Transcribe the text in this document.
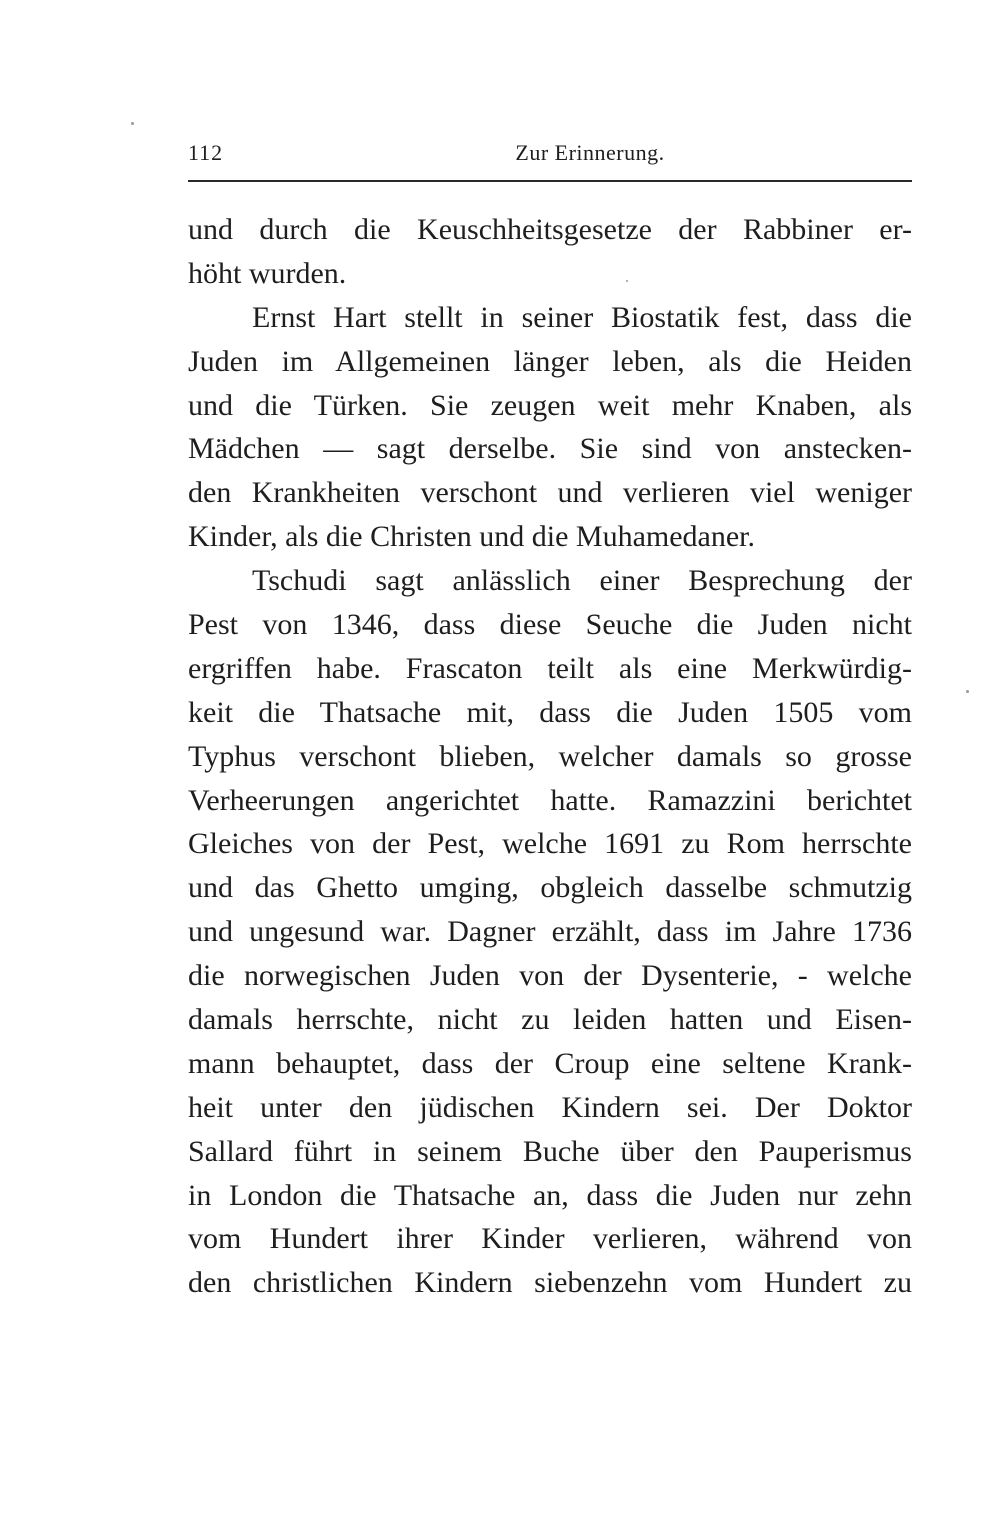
112	Zur Erinnerung.
und durch die Keuschheitsgesetze der Rabbiner er-
höht wurden.
Ernst Hart stellt in seiner Biostatik fest, dass die
Juden im Allgemeinen länger leben, als die Heiden
und die Türken. Sie zeugen weit mehr Knaben, als
Mädchen — sagt derselbe. Sie sind von anstecken-
den Krankheiten verschont und verlieren viel weniger
Kinder, als die Christen und die Muhamedaner.
Tschudi sagt anlässlich einer Besprechung der
Pest von 1346, dass diese Seuche die Juden nicht
ergriffen habe. Frascaton teilt als eine Merkwürdig-
keit die Thatsache mit, dass die Juden 1505 vom
Typhus verschont blieben, welcher damals so grosse
Verheerungen angerichtet hatte. Ramazzini berichtet
Gleiches von der Pest, welche 1691 zu Rom herrschte
und das Ghetto umging, obgleich dasselbe schmutzig
und ungesund war. Dagner erzählt, dass im Jahre 1736
die norwegischen Juden von der Dysenterie, - welche
damals herrschte, nicht zu leiden hatten und Eisen-
mann behauptet, dass der Croup eine seltene Krank-
heit unter den jüdischen Kindern sei. Der Doktor
Sallard führt in seinem Buche über den Pauperismus
in London die Thatsache an, dass die Juden nur zehn
vom Hundert ihrer Kinder verlieren, während von
den christlichen Kindern siebenzehn vom Hundert zu
